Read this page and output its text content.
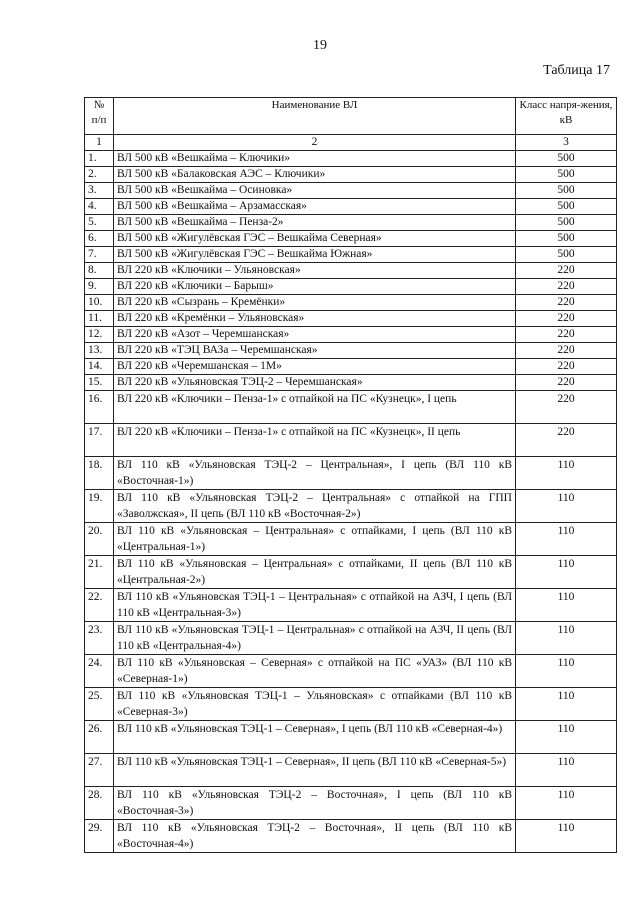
19
Таблица 17
№ п/п	Наименование ВЛ	Класс напря-жения, кВ
1	2	3
1.	ВЛ 500 кВ «Вешкайма – Ключики»	500
2.	ВЛ 500 кВ «Балаковская АЭС – Ключики»	500
3.	ВЛ 500 кВ «Вешкайма – Осиновка»	500
4.	ВЛ 500 кВ «Вешкайма – Арзамасская»	500
5.	ВЛ 500 кВ «Вешкайма – Пенза-2»	500
6.	ВЛ 500 кВ «Жигулёвская ГЭС – Вешкайма Северная»	500
7.	ВЛ 500 кВ «Жигулёвская ГЭС – Вешкайма Южная»	500
8.	ВЛ 220 кВ «Ключики – Ульяновская»	220
9.	ВЛ 220 кВ «Ключики – Барыш»	220
10.	ВЛ 220 кВ «Сызрань – Кремёнки»	220
11.	ВЛ 220 кВ «Кремёнки – Ульяновская»	220
12.	ВЛ 220 кВ «Азот – Черемшанская»	220
13.	ВЛ 220 кВ «ТЭЦ ВАЗа – Черемшанская»	220
14.	ВЛ 220 кВ «Черемшанская – 1М»	220
15.	ВЛ 220 кВ «Ульяновская ТЭЦ-2 – Черемшанская»	220
16.	ВЛ 220 кВ «Ключики – Пенза-1» с отпайкой на ПС «Кузнецк», I цепь	220
17.	ВЛ 220 кВ «Ключики – Пенза-1» с отпайкой на ПС «Кузнецк», II цепь	220
18.	ВЛ 110 кВ «Ульяновская ТЭЦ-2 – Центральная», I цепь (ВЛ 110 кВ «Восточная-1»)	110
19.	ВЛ 110 кВ «Ульяновская ТЭЦ-2 – Центральная» с отпайкой на ГПП «Заволжская», II цепь (ВЛ 110 кВ «Восточная-2»)	110
20.	ВЛ 110 кВ «Ульяновская – Центральная» с отпайками, I цепь (ВЛ 110 кВ «Центральная-1»)	110
21.	ВЛ 110 кВ «Ульяновская – Центральная» с отпайками, II цепь (ВЛ 110 кВ «Центральная-2»)	110
22.	ВЛ 110 кВ «Ульяновская ТЭЦ-1 – Центральная» с отпайкой на АЗЧ, I цепь (ВЛ 110 кВ «Центральная-3»)	110
23.	ВЛ 110 кВ «Ульяновская ТЭЦ-1 – Центральная» с отпайкой на АЗЧ, II цепь (ВЛ 110 кВ «Центральная-4»)	110
24.	ВЛ 110 кВ «Ульяновская – Северная» с отпайкой на ПС «УАЗ» (ВЛ 110 кВ «Северная-1»)	110
25.	ВЛ 110 кВ «Ульяновская ТЭЦ-1 – Ульяновская» с отпайками (ВЛ 110 кВ «Северная-3»)	110
26.	ВЛ 110 кВ «Ульяновская ТЭЦ-1 – Северная», I цепь (ВЛ 110 кВ «Северная-4»)	110
27.	ВЛ 110 кВ «Ульяновская ТЭЦ-1 – Северная», II цепь (ВЛ 110 кВ «Северная-5»)	110
28.	ВЛ 110 кВ «Ульяновская ТЭЦ-2 – Восточная», I цепь (ВЛ 110 кВ «Восточная-3»)	110
29.	ВЛ 110 кВ «Ульяновская ТЭЦ-2 – Восточная», II цепь (ВЛ 110 кВ «Восточная-4»)	110
